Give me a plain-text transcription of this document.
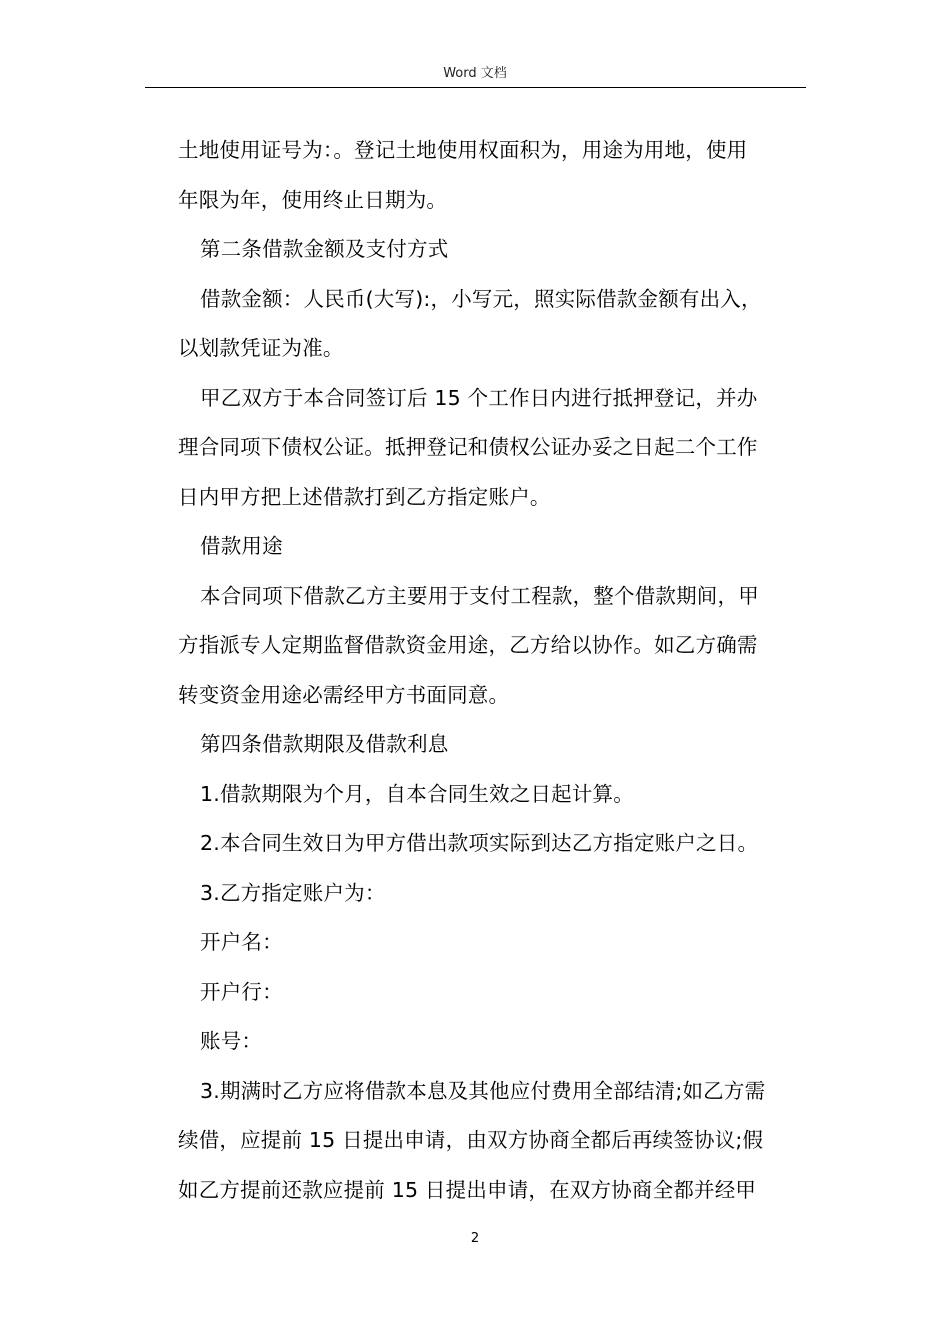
Word 文档

土地使用证号为：。登记土地使用权面积为，用途为用地，使用

年限为年，使用终止日期为。

第二条借款金额及支付方式

借款金额：人民币(大写):，小写元，照实际借款金额有出入，

以划款凭证为准。

甲乙双方于本合同签订后 15 个工作日内进行抵押登记，并办

理合同项下债权公证。抵押登记和债权公证办妥之日起二个工作

日内甲方把上述借款打到乙方指定账户。

借款用途

本合同项下借款乙方主要用于支付工程款，整个借款期间，甲

方指派专人定期监督借款资金用途，乙方给以协作。如乙方确需

转变资金用途必需经甲方书面同意。

第四条借款期限及借款利息

1.借款期限为个月，自本合同生效之日起计算。

2.本合同生效日为甲方借出款项实际到达乙方指定账户之日。

3.乙方指定账户为：

开户名：

开户行：

账号：

3.期满时乙方应将借款本息及其他应付费用全部结清;如乙方需

续借，应提前 15 日提出申请，由双方协商全都后再续签协议;假

如乙方提前还款应提前 15 日提出申请，在双方协商全都并经甲

2
